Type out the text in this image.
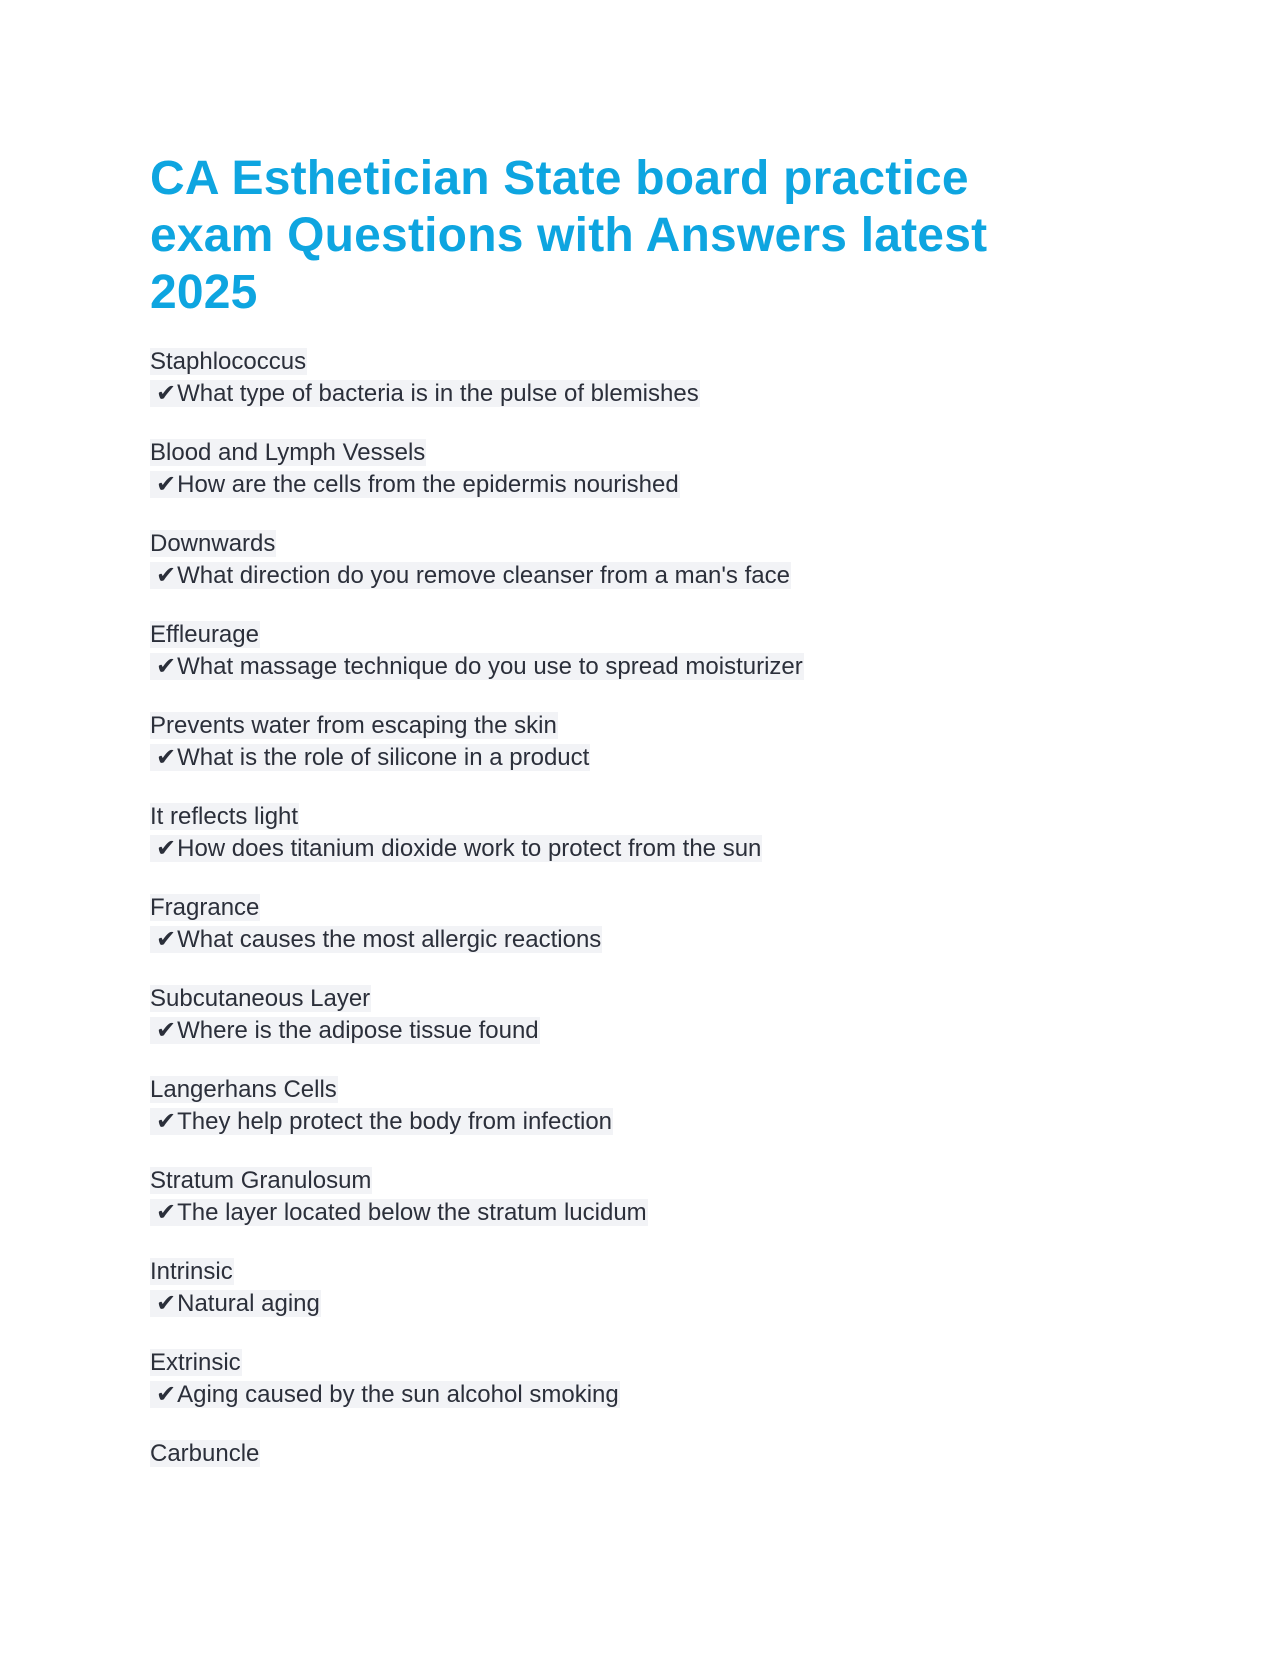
CA Esthetician State board practice exam Questions with Answers latest 2025
Staphlococcus
✔What type of bacteria is in the pulse of blemishes
Blood and Lymph Vessels
✔How are the cells from the epidermis nourished
Downwards
✔What direction do you remove cleanser from a man's face
Effleurage
✔What massage technique do you use to spread moisturizer
Prevents water from escaping the skin
✔What is the role of silicone in a product
It reflects light
✔How does titanium dioxide work to protect from the sun
Fragrance
✔What causes the most allergic reactions
Subcutaneous Layer
✔Where is the adipose tissue found
Langerhans Cells
✔They help protect the body from infection
Stratum Granulosum
✔The layer located below the stratum lucidum
Intrinsic
✔Natural aging
Extrinsic
✔Aging caused by the sun alcohol smoking
Carbuncle
